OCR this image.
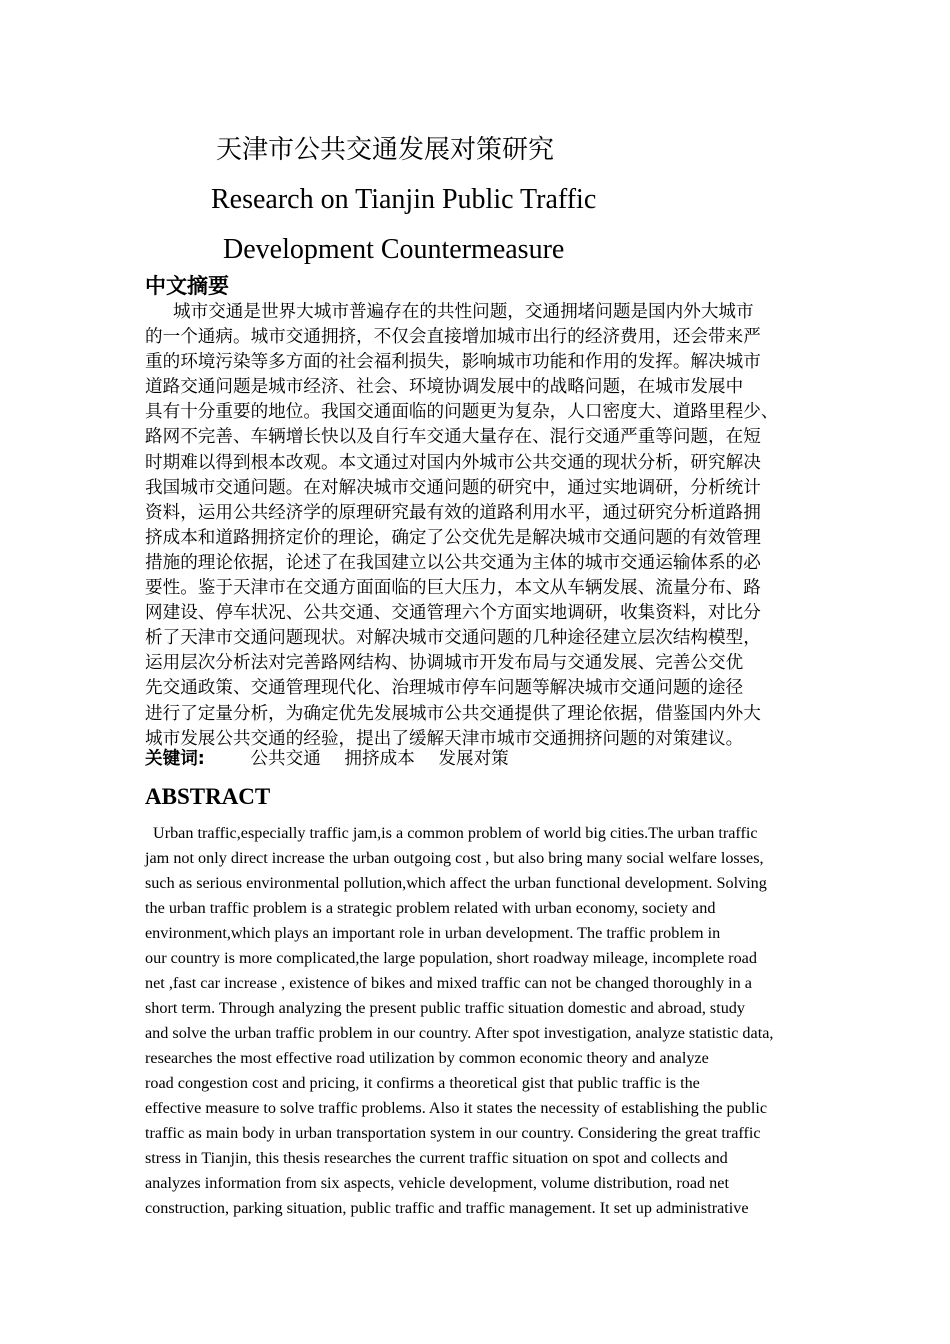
天津市公共交通发展对策研究
Research on Tianjin Public Traffic
Development Countermeasure
中文摘要
城市交通是世界大城市普遍存在的共性问题，交通拥堵问题是国内外大城市
的一个通病。城市交通拥挤，不仅会直接增加城市出行的经济费用，还会带来严
重的环境污染等多方面的社会福利损失，影响城市功能和作用的发挥。解决城市
道路交通问题是城市经济、社会、环境协调发展中的战略问题，在城市发展中
具有十分重要的地位。我国交通面临的问题更为复杂，人口密度大、道路里程少、
路网不完善、车辆增长快以及自行车交通大量存在、混行交通严重等问题，在短
时期难以得到根本改观。本文通过对国内外城市公共交通的现状分析，研究解决
我国城市交通问题。在对解决城市交通问题的研究中，通过实地调研，分析统计
资料，运用公共经济学的原理研究最有效的道路利用水平，通过研究分析道路拥
挤成本和道路拥挤定价的理论，确定了公交优先是解决城市交通问题的有效管理
措施的理论依据，论述了在我国建立以公共交通为主体的城市交通运输体系的必
要性。鉴于天津市在交通方面面临的巨大压力，本文从车辆发展、流量分布、路
网建设、停车状况、公共交通、交通管理六个方面实地调研，收集资料，对比分
析了天津市交通问题现状。对解决城市交通问题的几种途径建立层次结构模型，
运用层次分析法对完善路网结构、协调城市开发布局与交通发展、完善公交优
先交通政策、交通管理现代化、治理城市停车问题等解决城市交通问题的途径
进行了定量分析，为确定优先发展城市公共交通提供了理论依据，借鉴国内外大
城市发展公共交通的经验，提出了缓解天津市城市交通拥挤问题的对策建议。
关键词:	公共交通 拥挤成本 发展对策
ABSTRACT
Urban traffic,especially traffic jam,is a common problem of world big cities.The urban traffic
jam not only direct increase the urban outgoing cost , but also bring many social welfare losses,
such as serious environmental pollution,which affect the urban functional development. Solving
the urban traffic problem is a strategic problem related with urban economy, society and
environment,which plays an important role in urban development. The traffic problem in
our country is more complicated,the large population, short roadway mileage, incomplete road
net ,fast car increase , existence of bikes and mixed traffic can not be changed thoroughly in a
short term. Through analyzing the present public traffic situation domestic and abroad, study
and solve the urban traffic problem in our country. After spot investigation, analyze statistic data,
researches the most effective road utilization by common economic theory and analyze
road congestion cost and pricing, it confirms a theoretical gist that public traffic is the
effective measure to solve traffic problems. Also it states the necessity of establishing the public
traffic as main body in urban transportation system in our country. Considering the great traffic
stress in Tianjin, this thesis researches the current traffic situation on spot and collects and
analyzes information from six aspects, vehicle development, volume distribution, road net
construction, parking situation, public traffic and traffic management. It set up administrative
